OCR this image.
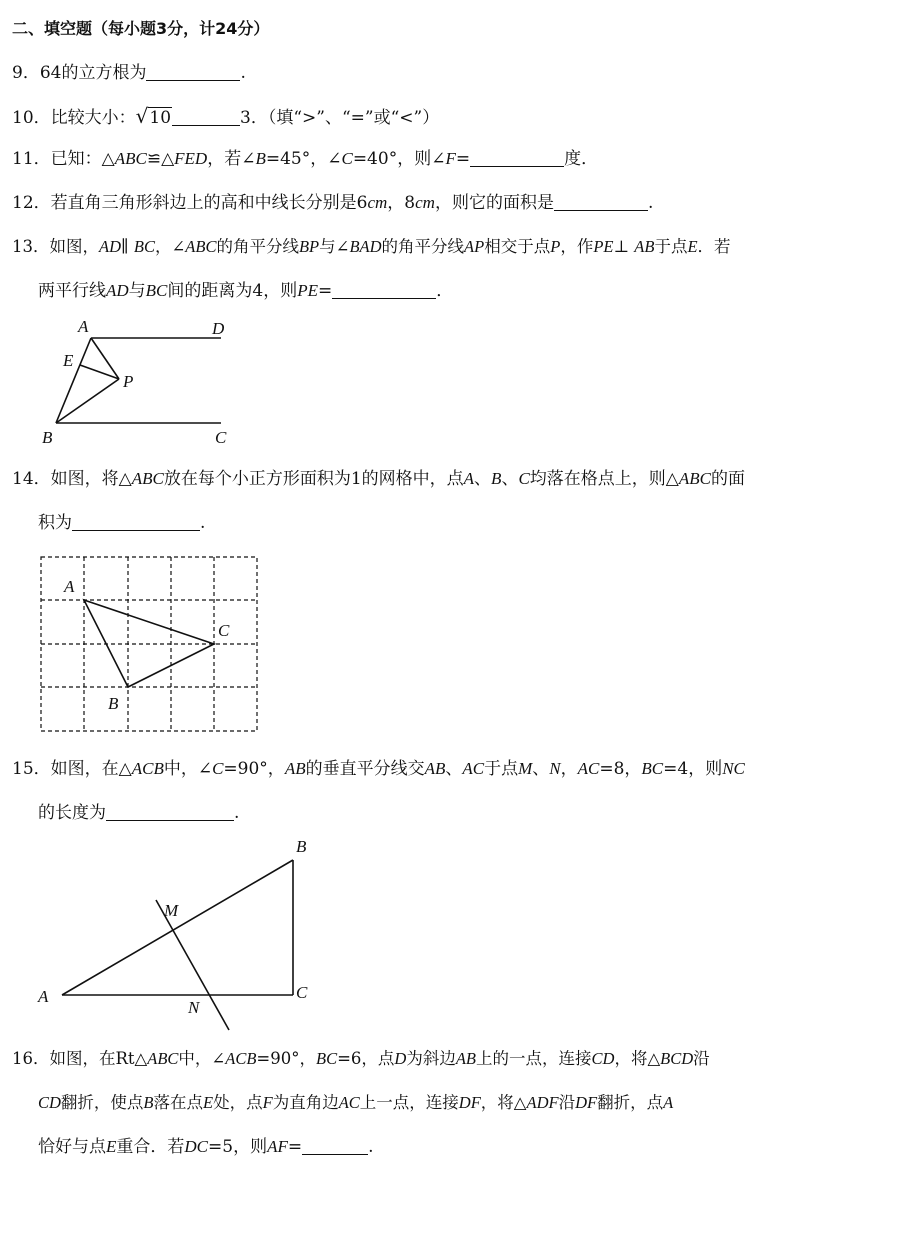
二、填空题（每小题3分，计24分）
9．64的立方根为	.
10．比较大小：√10	3．（填“>”、“=”或“<”）
11．已知：△ABC≌△FED，若∠B=45°，∠C=40°，则∠F=	度．
12．若直角三角形斜边上的高和中线长分别是6cm，8cm，则它的面积是	.
13．如图，AD∥ BC，∠ABC的角平分线BP与∠BAD的角平分线AP相交于点P，作PE⊥ AB于点E．若
两平行线AD与BC间的距离为4，则PE=	．
A	D
E
P
B	C
14．如图，将△ABC放在每个小正方形面积为1的网格中，点A、B、C均落在格点上，则△ABC的面
积为	.
A
C
B
15．如图，在△ACB中，∠C=90°，AB的垂直平分线交AB、AC于点M、N，AC=8，BC=4，则NC
的长度为	.
A
B
C
M
N
16．如图，在Rt△ABC中，∠ACB=90°，BC=6，点D为斜边AB上的一点，连接CD，将△BCD沿
CD翻折，使点B落在点E处，点F为直角边AC上一点，连接DF，将△ADF沿DF翻折，点A
恰好与点E重合．若DC=5，则AF=	.
